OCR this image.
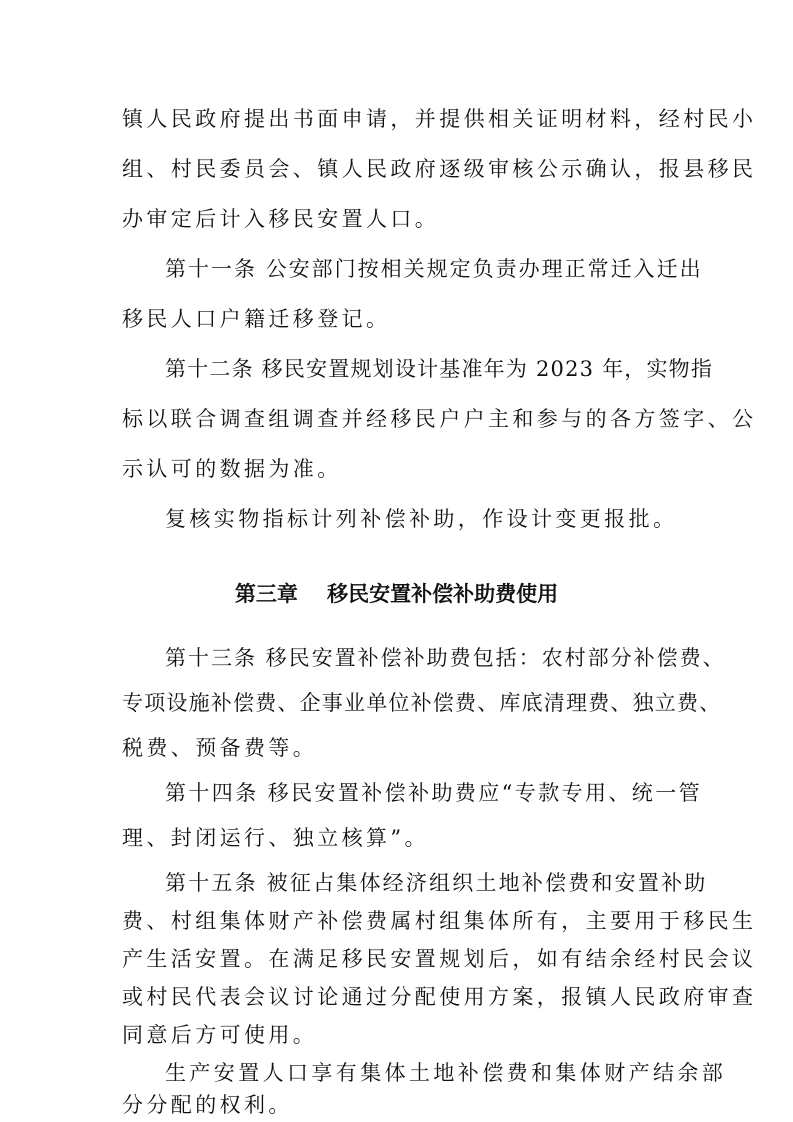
镇人民政府提出书面申请，并提供相关证明材料，经村民小
组、村民委员会、镇人民政府逐级审核公示确认，报县移民
办审定后计入移民安置人口。
第十一条 公安部门按相关规定负责办理正常迁入迁出
移民人口户籍迁移登记。
第十二条 移民安置规划设计基准年为 2023 年，实物指
标以联合调查组调查并经移民户户主和参与的各方签字、公
示认可的数据为准。
复核实物指标计列补偿补助，作设计变更报批。
第三章    移民安置补偿补助费使用
第十三条 移民安置补偿补助费包括：农村部分补偿费、
专项设施补偿费、企事业单位补偿费、库底清理费、独立费、
税费、预备费等。
第十四条 移民安置补偿补助费应“专款专用、统一管
理、封闭运行、独立核算”。
第十五条 被征占集体经济组织土地补偿费和安置补助
费、村组集体财产补偿费属村组集体所有，主要用于移民生
产生活安置。在满足移民安置规划后，如有结余经村民会议
或村民代表会议讨论通过分配使用方案，报镇人民政府审查
同意后方可使用。
生产安置人口享有集体土地补偿费和集体财产结余部
分分配的权利。
